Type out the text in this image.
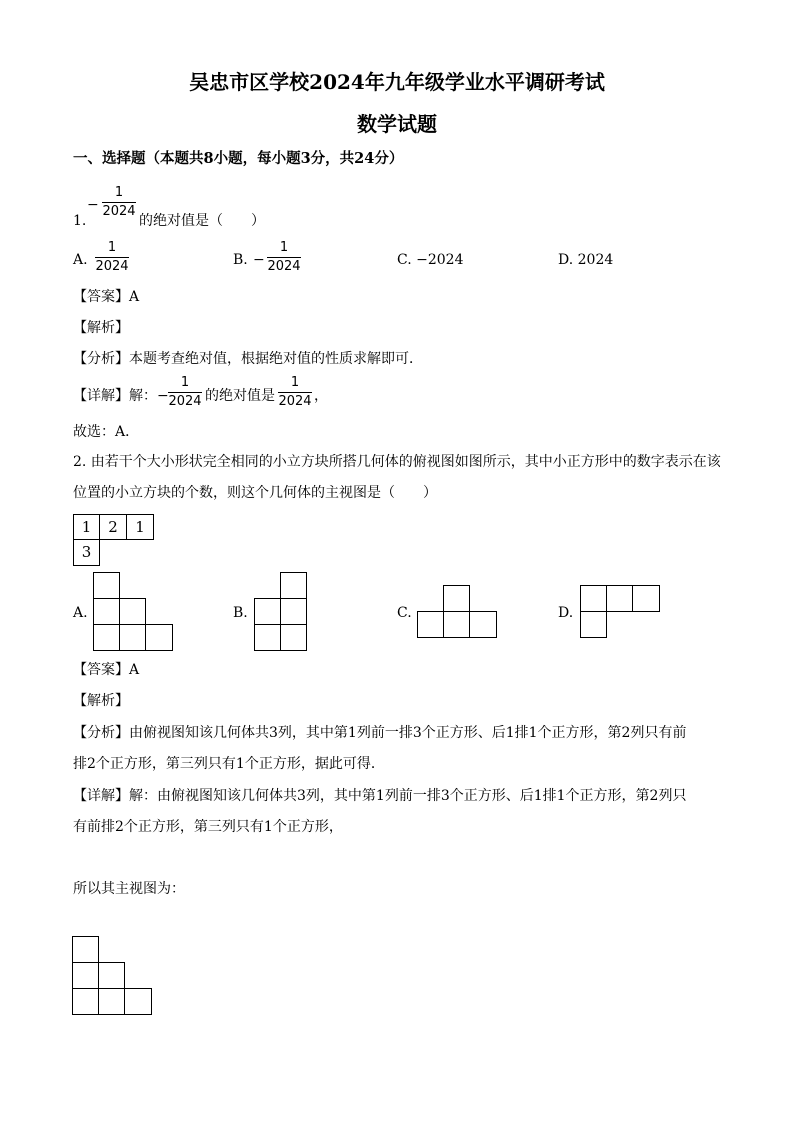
吴忠市区学校2024年九年级学业水平调研考试
数学试题
一、选择题（本题共8小题，每小题3分，共24分）
−
1
2024
1.	的绝对值是（　　）
A.
1
2024	B. −
1
2024	C. −2024	D. 2024
【答案】A
【解析】
【分析】本题考查绝对值，根据绝对值的性质求解即可．
【详解】解：−
1
2024 的绝对值是
1
2024 ，
故选：A．
2. 由若干个大小形状完全相同的小立方块所搭几何体的俯视图如图所示，其中小正方形中的数字表示在该
位置的小立方块的个数，则这个几何体的主视图是（　　）
1	2	1
3
A.	B.	C.	D.
【答案】A
【解析】
【分析】由俯视图知该几何体共3列，其中第1列前一排3个正方形、后1排1个正方形，第2列只有前
排2个正方形，第三列只有1个正方形，据此可得．
【详解】解：由俯视图知该几何体共3列，其中第1列前一排3个正方形、后1排1个正方形，第2列只
有前排2个正方形，第三列只有1个正方形，
所以其主视图为：
